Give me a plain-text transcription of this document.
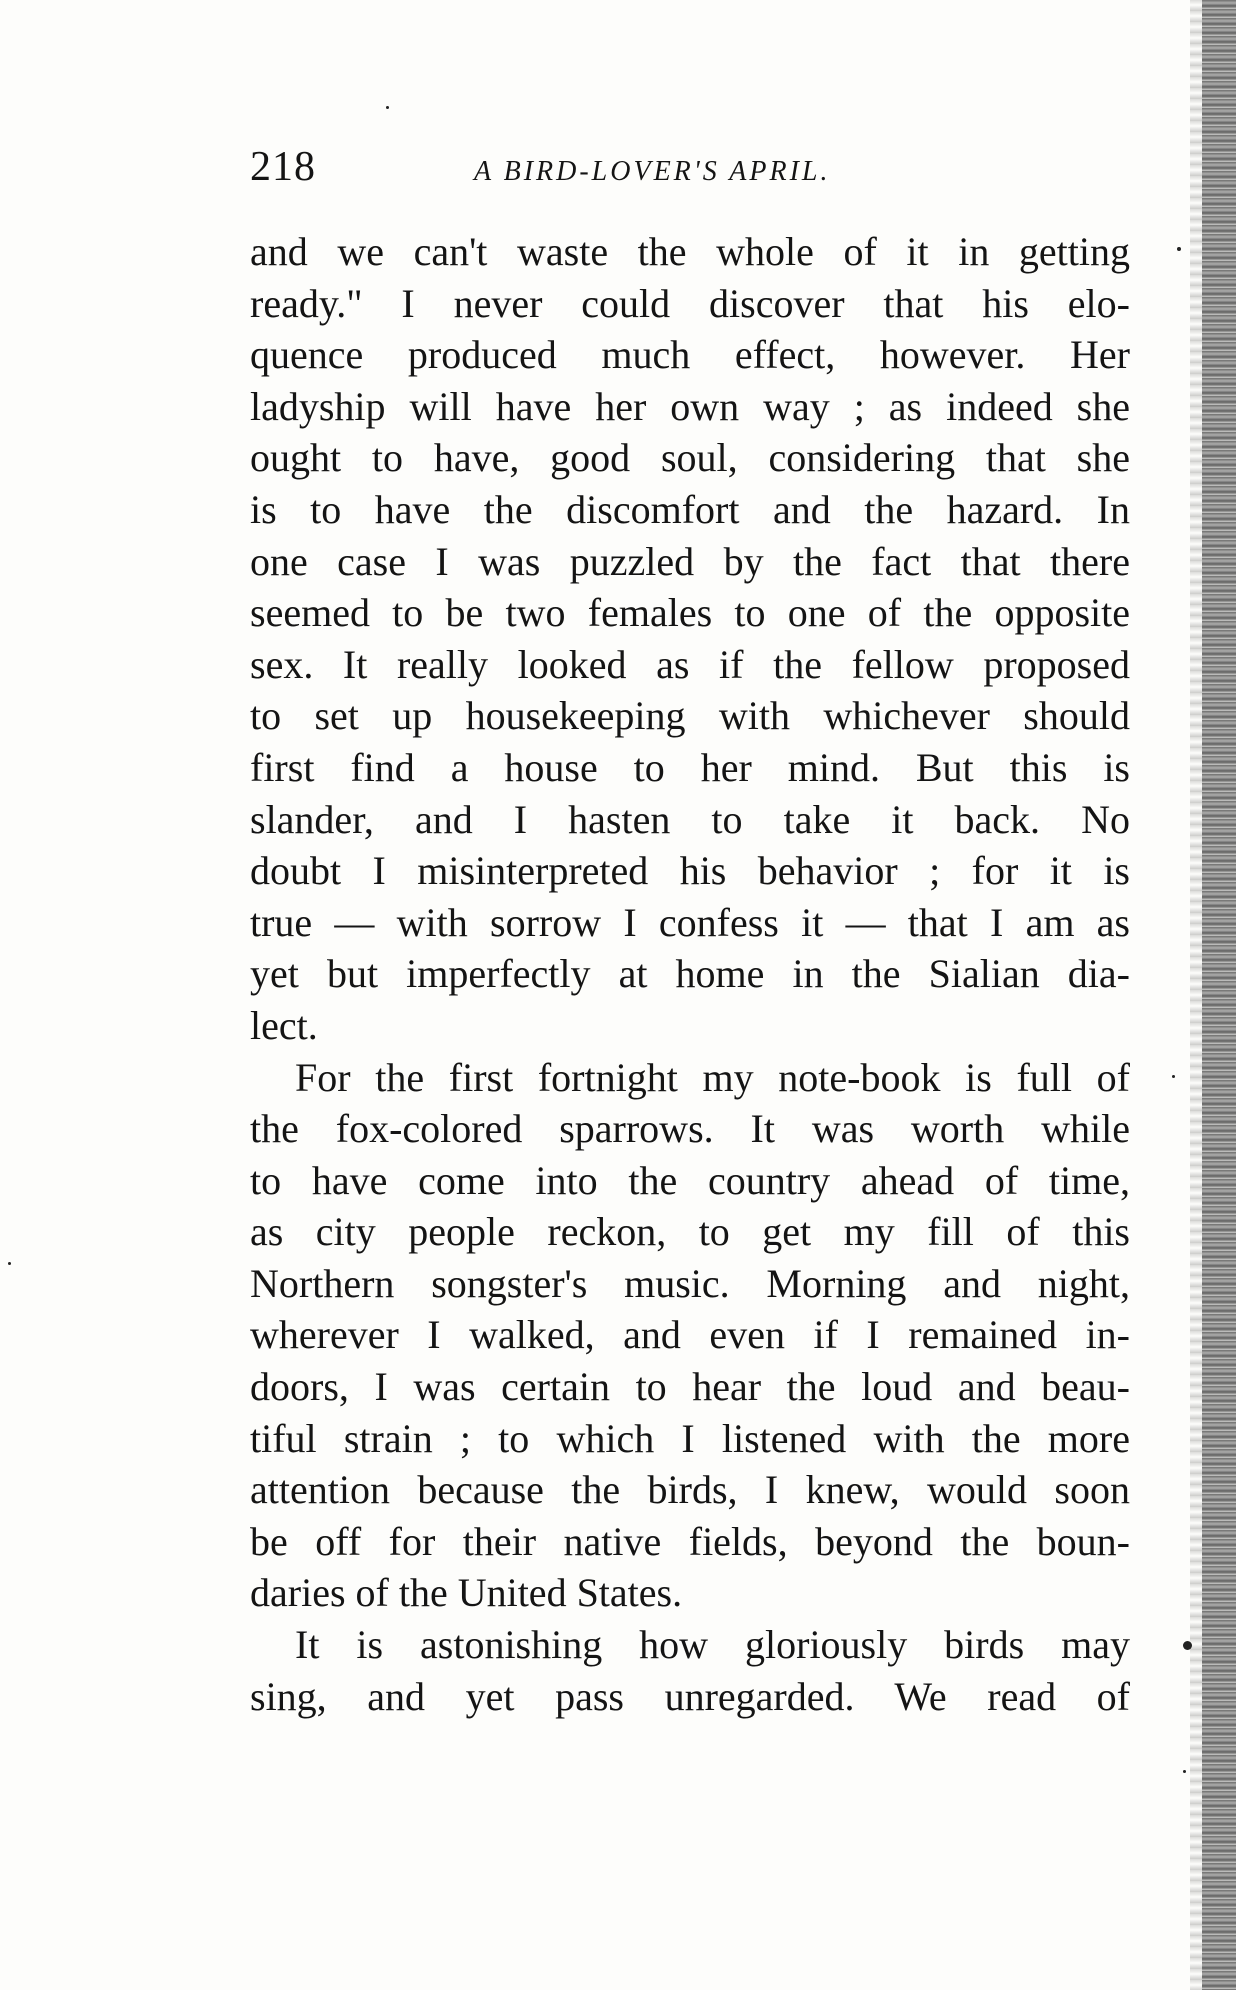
218	A BIRD-LOVER'S APRIL.
and we can't waste the whole of it in getting
ready." I never could discover that his elo-
quence produced much effect, however. Her
ladyship will have her own way ; as indeed she
ought to have, good soul, considering that she
is to have the discomfort and the hazard. In
one case I was puzzled by the fact that there
seemed to be two females to one of the opposite
sex. It really looked as if the fellow proposed
to set up housekeeping with whichever should
first find a house to her mind. But this is
slander, and I hasten to take it back. No
doubt I misinterpreted his behavior ; for it is
true — with sorrow I confess it — that I am as
yet but imperfectly at home in the Sialian dia-
lect.
For the first fortnight my note-book is full of
the fox-colored sparrows. It was worth while
to have come into the country ahead of time,
as city people reckon, to get my fill of this
Northern songster's music. Morning and night,
wherever I walked, and even if I remained in-
doors, I was certain to hear the loud and beau-
tiful strain ; to which I listened with the more
attention because the birds, I knew, would soon
be off for their native fields, beyond the boun-
daries of the United States.
It is astonishing how gloriously birds may
sing, and yet pass unregarded. We read of
